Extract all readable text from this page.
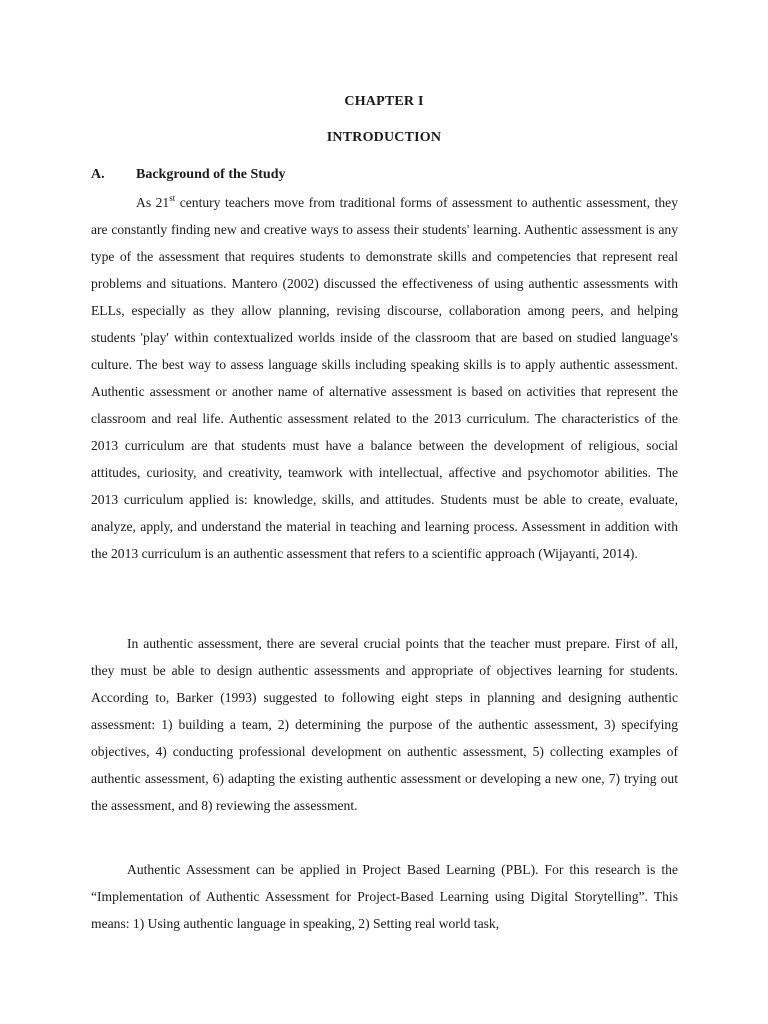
CHAPTER I
INTRODUCTION
A. Background of the Study

As 21st century teachers move from traditional forms of assessment to authentic assessment, they are constantly finding new and creative ways to assess their students' learning. Authentic assessment is any type of the assessment that requires students to demonstrate skills and competencies that represent real problems and situations. Mantero (2002) discussed the effectiveness of using authentic assessments with ELLs, especially as they allow planning, revising discourse, collaboration among peers, and helping students 'play' within contextualized worlds inside of the classroom that are based on studied language's culture. The best way to assess language skills including speaking skills is to apply authentic assessment. Authentic assessment or another name of alternative assessment is based on activities that represent the classroom and real life. Authentic assessment related to the 2013 curriculum. The characteristics of the 2013 curriculum are that students must have a balance between the development of religious, social attitudes, curiosity, and creativity, teamwork with intellectual, affective and psychomotor abilities. The 2013 curriculum applied is: knowledge, skills, and attitudes. Students must be able to create, evaluate, analyze, apply, and understand the material in teaching and learning process. Assessment in addition with the 2013 curriculum is an authentic assessment that refers to a scientific approach (Wijayanti, 2014).

In authentic assessment, there are several crucial points that the teacher must prepare. First of all, they must be able to design authentic assessments and appropriate of objectives learning for students. According to, Barker (1993) suggested to following eight steps in planning and designing authentic assessment: 1) building a team, 2) determining the purpose of the authentic assessment, 3) specifying objectives, 4) conducting professional development on authentic assessment, 5) collecting examples of authentic assessment, 6) adapting the existing authentic assessment or developing a new one, 7) trying out the assessment, and 8) reviewing the assessment.

Authentic Assessment can be applied in Project Based Learning (PBL). For this research is the “Implementation of Authentic Assessment for Project-Based Learning using Digital Storytelling”. This means: 1) Using authentic language in speaking, 2) Setting real world task,
